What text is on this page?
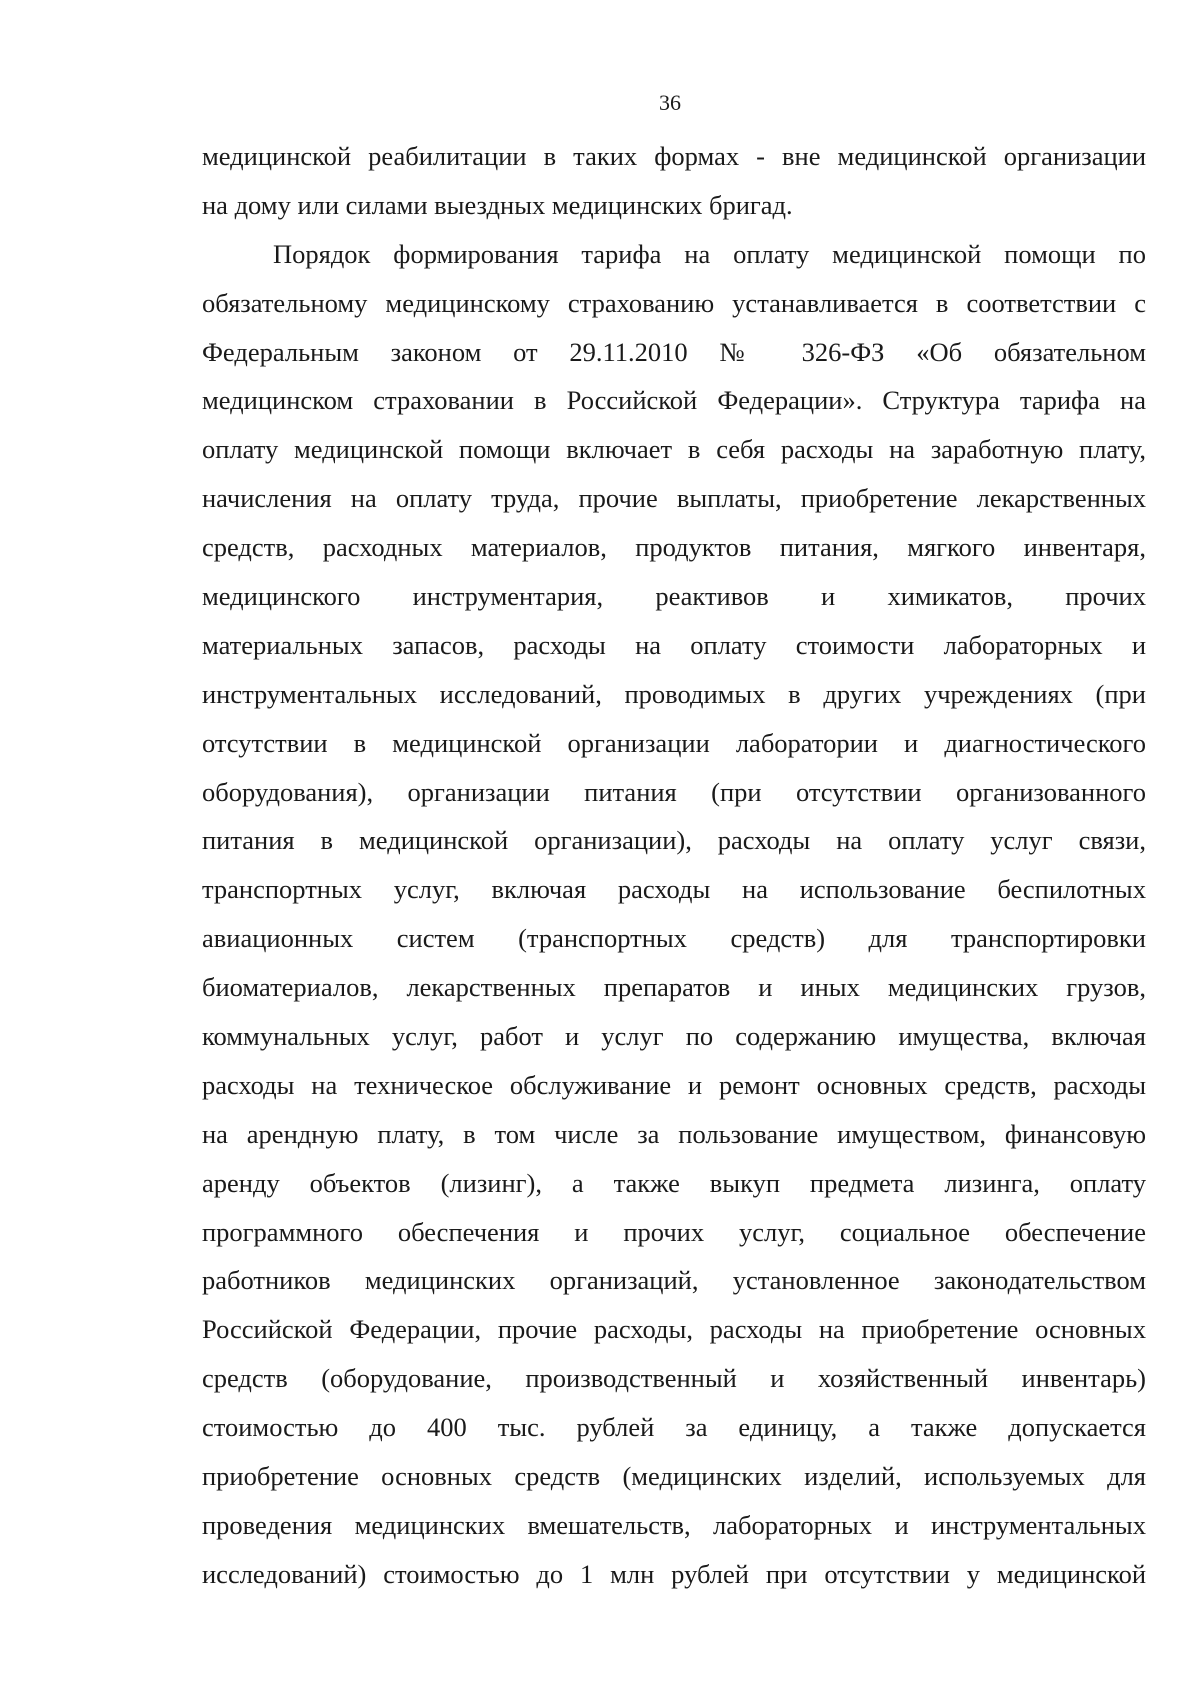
36
медицинской реабилитации в таких формах - вне медицинской организации
на дому или силами выездных медицинских бригад.
Порядок формирования тарифа на оплату медицинской помощи по
обязательному медицинскому страхованию устанавливается в соответствии с
Федеральным законом от 29.11.2010 № 326-ФЗ «Об обязательном
медицинском страховании в Российской Федерации». Структура тарифа на
оплату медицинской помощи включает в себя расходы на заработную плату,
начисления на оплату труда, прочие выплаты, приобретение лекарственных
средств, расходных материалов, продуктов питания, мягкого инвентаря,
медицинского инструментария, реактивов и химикатов, прочих
материальных запасов, расходы на оплату стоимости лабораторных и
инструментальных исследований, проводимых в других учреждениях (при
отсутствии в медицинской организации лаборатории и диагностического
оборудования), организации питания (при отсутствии организованного
питания в медицинской организации), расходы на оплату услуг связи,
транспортных услуг, включая расходы на использование беспилотных
авиационных систем (транспортных средств) для транспортировки
биоматериалов, лекарственных препаратов и иных медицинских грузов,
коммунальных услуг, работ и услуг по содержанию имущества, включая
расходы на техническое обслуживание и ремонт основных средств, расходы
на арендную плату, в том числе за пользование имуществом, финансовую
аренду объектов (лизинг), а также выкуп предмета лизинга, оплату
программного обеспечения и прочих услуг, социальное обеспечение
работников медицинских организаций, установленное законодательством
Российской Федерации, прочие расходы, расходы на приобретение основных
средств (оборудование, производственный и хозяйственный инвентарь)
стоимостью до 400 тыс. рублей за единицу, а также допускается
приобретение основных средств (медицинских изделий, используемых для
проведения медицинских вмешательств, лабораторных и инструментальных
исследований) стоимостью до 1 млн рублей при отсутствии у медицинской
